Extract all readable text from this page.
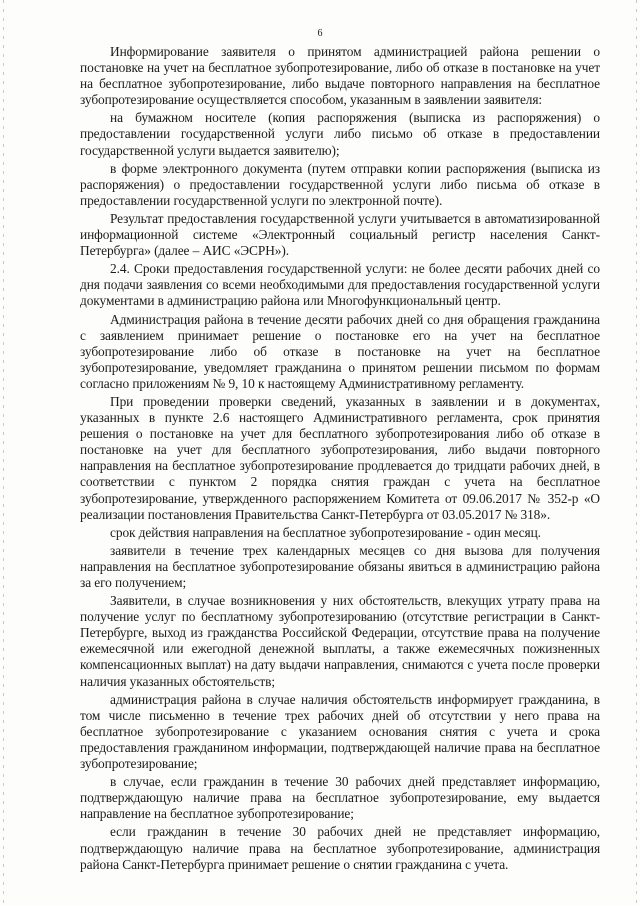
6

Информирование заявителя о принятом администрацией района решении о постановке на учет на бесплатное зубопротезирование, либо об отказе в постановке на учет на бесплатное зубопротезирование, либо выдаче повторного направления на бесплатное зубопротезирование осуществляется способом, указанным в заявлении заявителя:

на бумажном носителе (копия распоряжения (выписка из распоряжения) о предоставлении государственной услуги либо письмо об отказе в предоставлении государственной услуги выдается заявителю);

в форме электронного документа (путем отправки копии распоряжения (выписка из распоряжения) о предоставлении государственной услуги либо письма об отказе в предоставлении государственной услуги по электронной почте).

Результат предоставления государственной услуги учитывается в автоматизированной информационной системе «Электронный социальный регистр населения Санкт-Петербурга» (далее – АИС «ЭСРН»).

2.4. Сроки предоставления государственной услуги: не более десяти рабочих дней со дня подачи заявления со всеми необходимыми для предоставления государственной услуги документами в администрацию района или Многофункциональный центр.

Администрация района в течение десяти рабочих дней со дня обращения гражданина с заявлением принимает решение о постановке его на учет на бесплатное зубопротезирование либо об отказе в постановке на учет на бесплатное зубопротезирование, уведомляет гражданина о принятом решении письмом по формам согласно приложениям № 9, 10 к настоящему Административному регламенту.

При проведении проверки сведений, указанных в заявлении и в документах, указанных в пункте 2.6 настоящего Административного регламента, срок принятия решения о постановке на учет для бесплатного зубопротезирования либо об отказе в постановке на учет для бесплатного зубопротезирования, либо выдачи повторного направления на бесплатное зубопротезирование продлевается до тридцати рабочих дней, в соответствии с пунктом 2 порядка снятия граждан с учета на бесплатное зубопротезирование, утвержденного распоряжением Комитета от 09.06.2017 № 352-р «О реализации постановления Правительства Санкт-Петербурга от 03.05.2017 № 318».

срок действия направления на бесплатное зубопротезирование - один месяц.

заявители в течение трех календарных месяцев со дня вызова для получения направления на бесплатное зубопротезирование обязаны явиться в администрацию района за его получением;

Заявители, в случае возникновения у них обстоятельств, влекущих утрату права на получение услуг по бесплатному зубопротезированию (отсутствие регистрации в Санкт-Петербурге, выход из гражданства Российской Федерации, отсутствие права на получение ежемесячной или ежегодной денежной выплаты, а также ежемесячных пожизненных компенсационных выплат) на дату выдачи направления, снимаются с учета после проверки наличия указанных обстоятельств;

администрация района в случае наличия обстоятельств информирует гражданина, в том числе письменно в течение трех рабочих дней об отсутствии у него права на бесплатное зубопротезирование с указанием основания снятия с учета и срока предоставления гражданином информации, подтверждающей наличие права на бесплатное зубопротезирование;

в случае, если гражданин в течение 30 рабочих дней представляет информацию, подтверждающую наличие права на бесплатное зубопротезирование, ему выдается направление на бесплатное зубопротезирование;

если гражданин в течение 30 рабочих дней не представляет информацию, подтверждающую наличие права на бесплатное зубопротезирование, администрация района Санкт-Петербурга принимает решение о снятии гражданина с учета.
